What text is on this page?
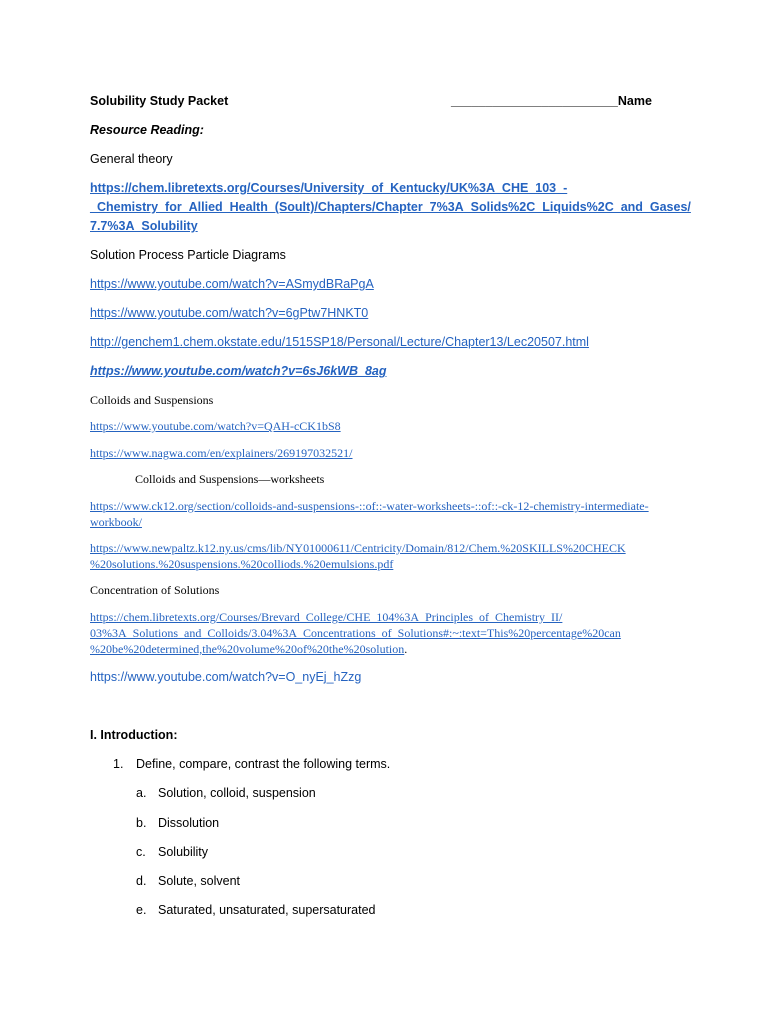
Solubility Study Packet	________________________Name
Resource Reading:
General theory
https://chem.libretexts.org/Courses/University_of_Kentucky/UK%3A_CHE_103_-
_Chemistry_for_Allied_Health_(Soult)/Chapters/Chapter_7%3A_Solids%2C_Liquids%2C_and_Gases/
7.7%3A_Solubility
Solution Process Particle Diagrams
https://www.youtube.com/watch?v=ASmydBRaPgA
https://www.youtube.com/watch?v=6gPtw7HNKT0
http://genchem1.chem.okstate.edu/1515SP18/Personal/Lecture/Chapter13/Lec20507.html
https://www.youtube.com/watch?v=6sJ6kWB_8ag
Colloids and Suspensions
https://www.youtube.com/watch?v=QAH-cCK1bS8
https://www.nagwa.com/en/explainers/269197032521/
Colloids and Suspensions—worksheets
https://www.ck12.org/section/colloids-and-suspensions-::of::-water-worksheets-::of::-ck-12-chemistry-intermediate-
workbook/
https://www.newpaltz.k12.ny.us/cms/lib/NY01000611/Centricity/Domain/812/Chem.%20SKILLS%20CHECK
%20solutions.%20suspensions.%20colliods.%20emulsions.pdf
Concentration of Solutions
https://chem.libretexts.org/Courses/Brevard_College/CHE_104%3A_Principles_of_Chemistry_II/
03%3A_Solutions_and_Colloids/3.04%3A_Concentrations_of_Solutions#:~:text=This%20percentage%20can
%20be%20determined,the%20volume%20of%20the%20solution.
https://www.youtube.com/watch?v=O_nyEj_hZzg
I. Introduction:
1. Define, compare, contrast the following terms.
a. Solution, colloid, suspension
b. Dissolution
c. Solubility
d. Solute, solvent
e. Saturated, unsaturated, supersaturated
